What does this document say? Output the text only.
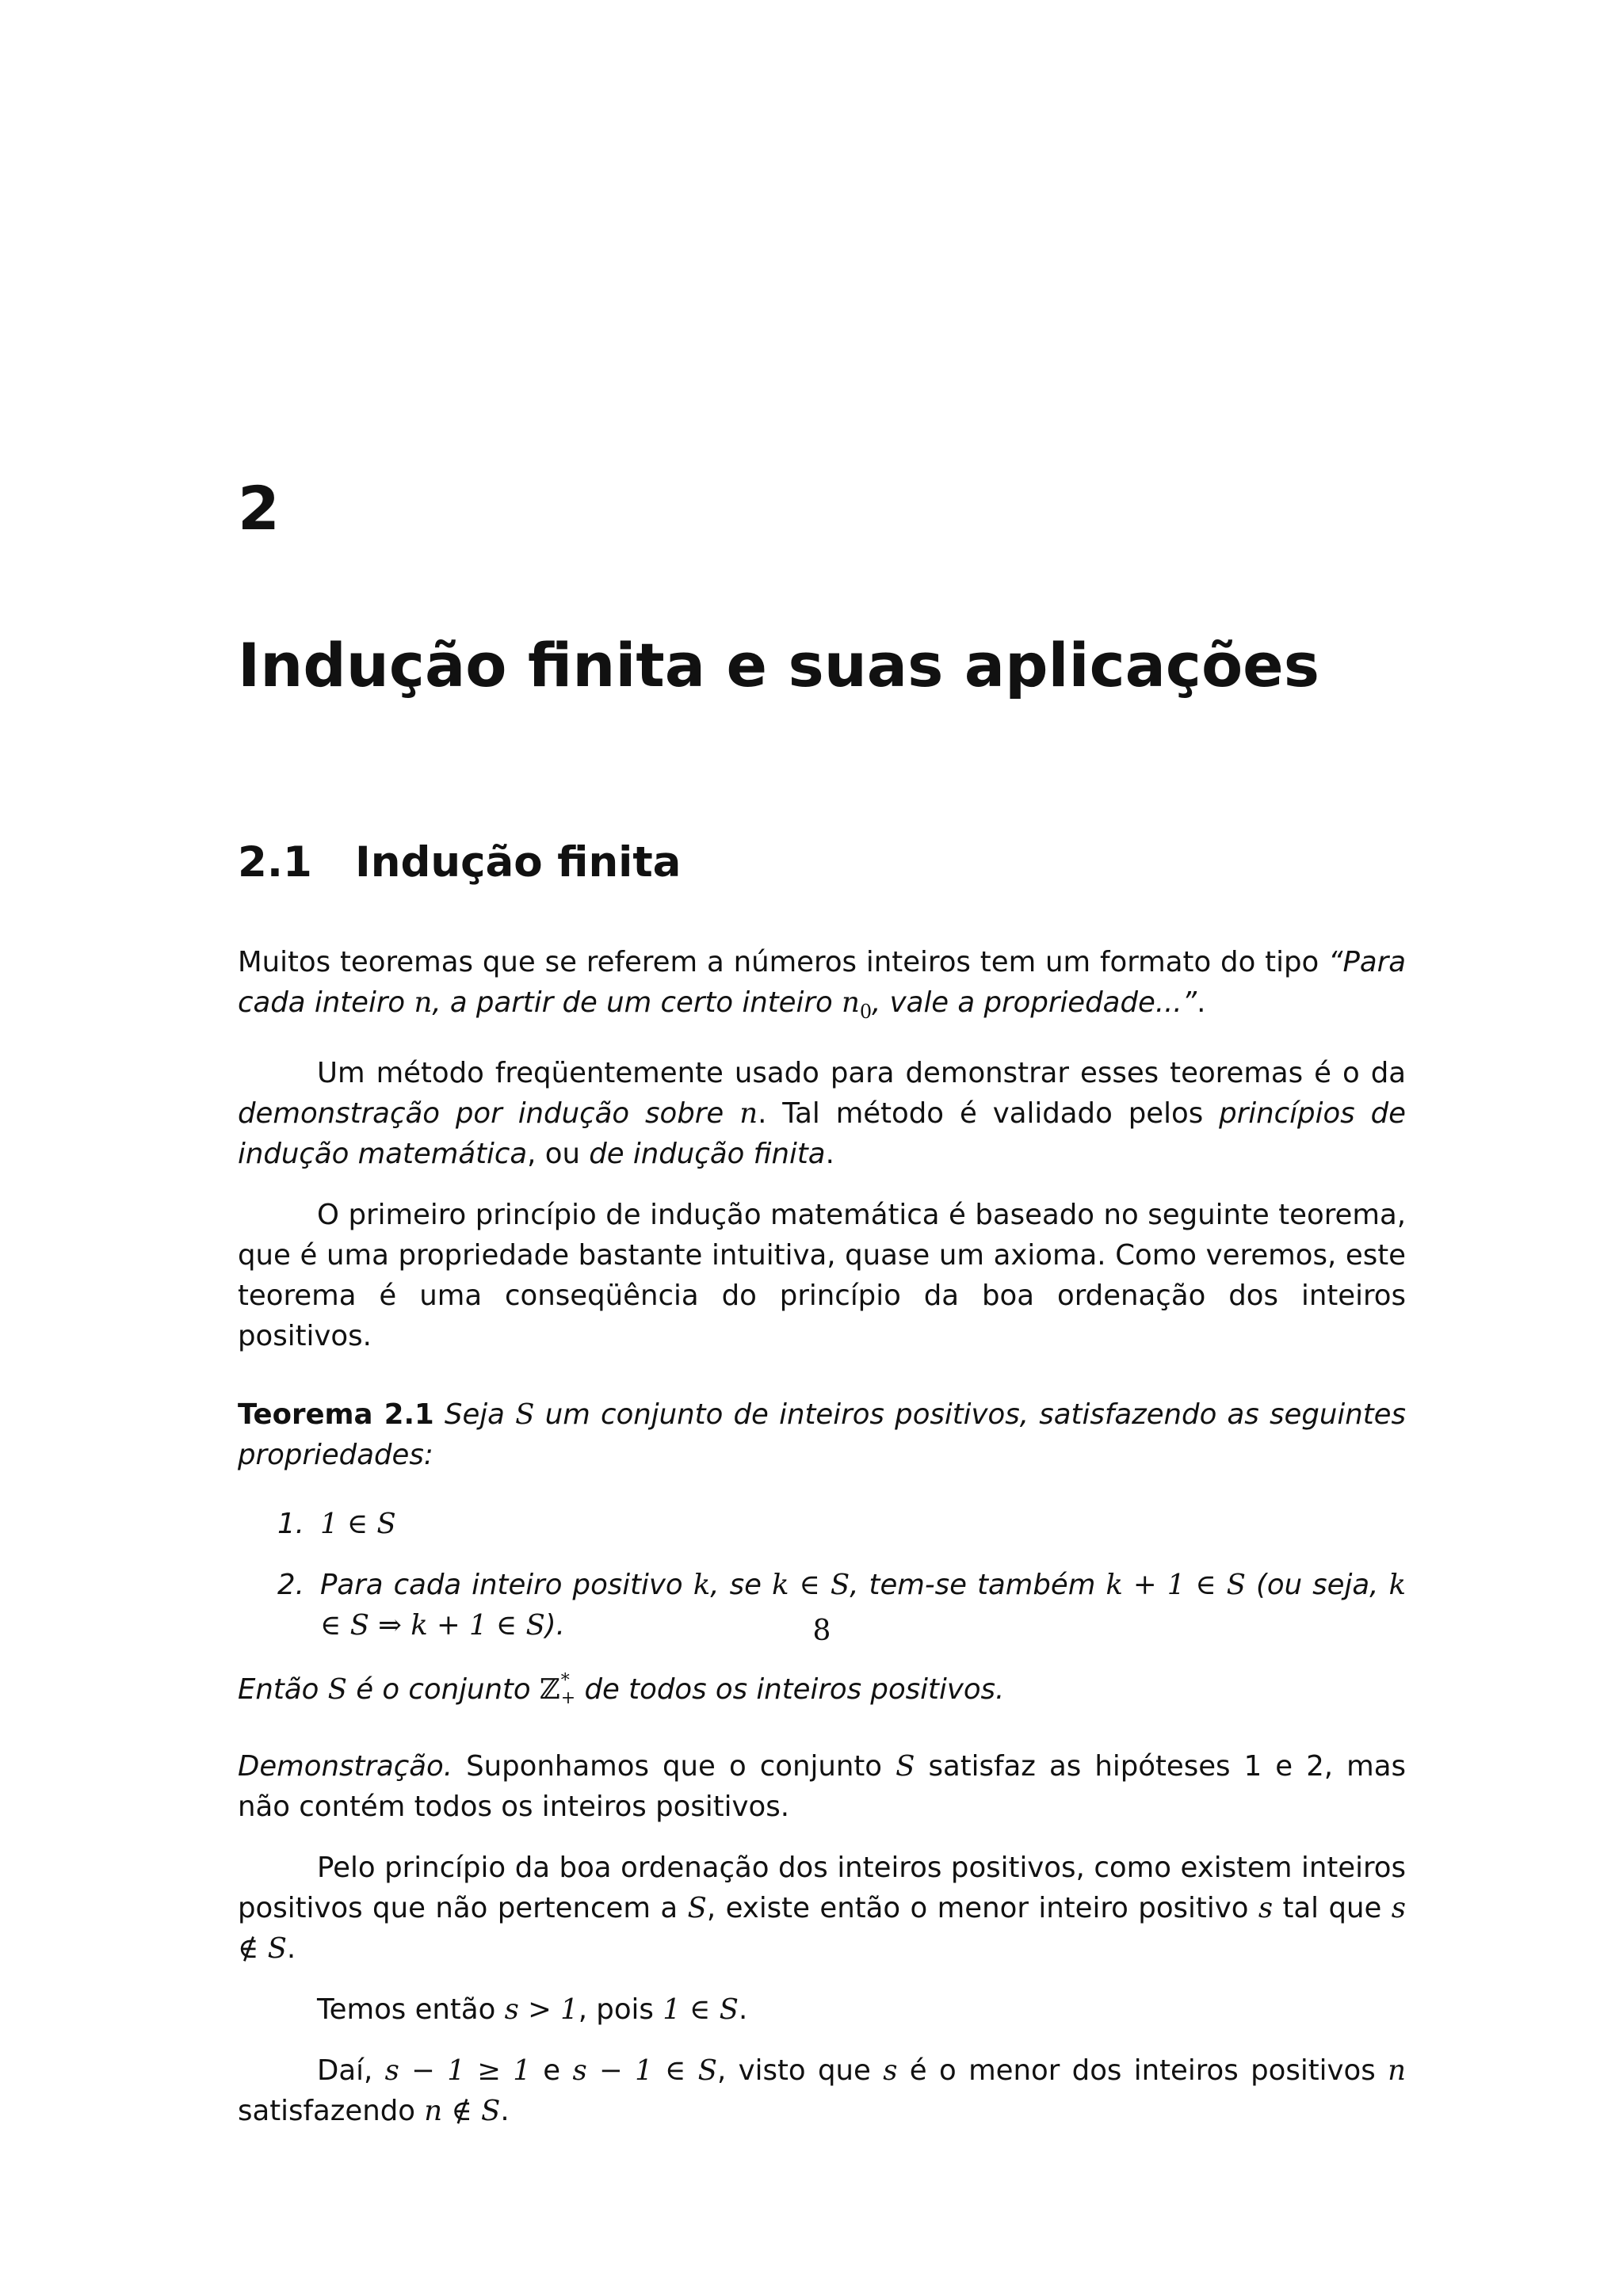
2
Indução finita e suas aplicações
2.1 Indução finita

Muitos teoremas que se referem a números inteiros tem um formato do tipo “Para cada inteiro n, a partir de um certo inteiro $n_0$, vale a propriedade...”.

Um método freqüentemente usado para demonstrar esses teoremas é o da demonstração por indução sobre n. Tal método é validado pelos princípios de indução matemática, ou de indução finita.

O primeiro princípio de indução matemática é baseado no seguinte teorema, que é uma propriedade bastante intuitiva, quase um axioma. Como veremos, este teorema é uma conseqüência do princípio da boa ordenação dos inteiros positivos.

Teorema 2.1 Seja S um conjunto de inteiros positivos, satisfazendo as seguintes propriedades:

1. 1 ∈ S
2. Para cada inteiro positivo k, se k ∈ S, tem-se também k + 1 ∈ S (ou seja, k ∈ S ⇒ k + 1 ∈ S).

Então S é o conjunto ℤ *
+ de todos os inteiros positivos.

Demonstração. Suponhamos que o conjunto S satisfaz as hipóteses 1 e 2, mas não contém todos os inteiros positivos.

Pelo princípio da boa ordenação dos inteiros positivos, como existem inteiros positivos que não pertencem a S, existe então o menor inteiro positivo s tal que s ∉ S.

Temos então s > 1, pois 1 ∈ S.

Daí, s − 1 ≥ 1 e s − 1 ∈ S, visto que s é o menor dos inteiros positivos n satisfazendo n ∉ S.

8
